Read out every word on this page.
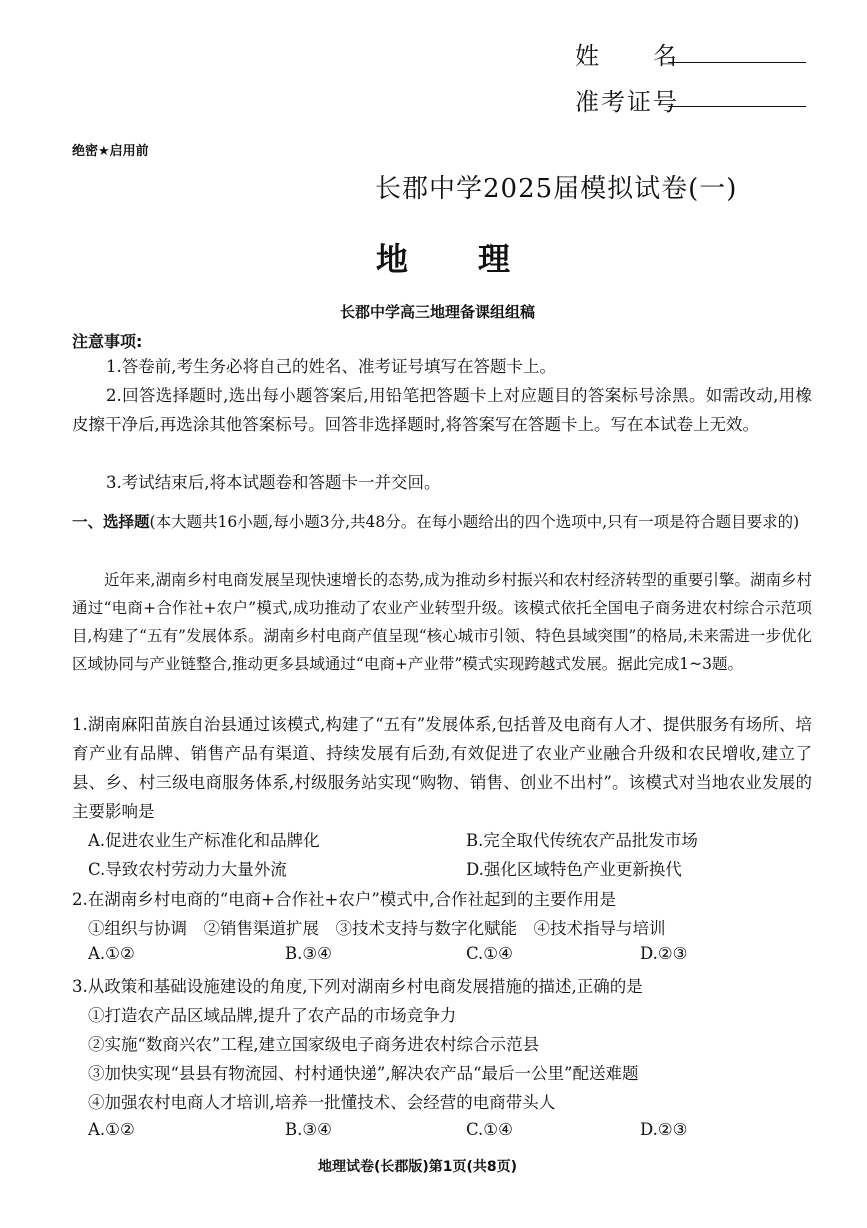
姓　　名
准考证号
绝密★启用前
长郡中学2025届模拟试卷(一)
地　　理
长郡中学高三地理备课组组稿
注意事项:
1.答卷前,考生务必将自己的姓名、准考证号填写在答题卡上。
2.回答选择题时,选出每小题答案后,用铅笔把答题卡上对应题目的答案标号涂黑。如需改动,用橡皮擦干净后,再选涂其他答案标号。回答非选择题时,将答案写在答题卡上。写在本试卷上无效。
3.考试结束后,将本试题卷和答题卡一并交回。
一、选择题(本大题共16小题,每小题3分,共48分。在每小题给出的四个选项中,只有一项是符合题目要求的)
近年来,湖南乡村电商发展呈现快速增长的态势,成为推动乡村振兴和农村经济转型的重要引擎。湖南乡村通过“电商+合作社+农户”模式,成功推动了农业产业转型升级。该模式依托全国电子商务进农村综合示范项目,构建了“五有”发展体系。湖南乡村电商产值呈现“核心城市引领、特色县域突围”的格局,未来需进一步优化区域协同与产业链整合,推动更多县域通过“电商+产业带”模式实现跨越式发展。据此完成1~3题。
1.湖南麻阳苗族自治县通过该模式,构建了“五有”发展体系,包括普及电商有人才、提供服务有场所、培育产业有品牌、销售产品有渠道、持续发展有后劲,有效促进了农业产业融合升级和农民增收,建立了县、乡、村三级电商服务体系,村级服务站实现“购物、销售、创业不出村”。该模式对当地农业发展的主要影响是
A.促进农业生产标准化和品牌化	B.完全取代传统农产品批发市场
C.导致农村劳动力大量外流	D.强化区域特色产业更新换代
2.在湖南乡村电商的“电商+合作社+农户”模式中,合作社起到的主要作用是
①组织与协调　②销售渠道扩展　③技术支持与数字化赋能　④技术指导与培训
A.①②	B.③④	C.①④	D.②③
3.从政策和基础设施建设的角度,下列对湖南乡村电商发展措施的描述,正确的是
①打造农产品区域品牌,提升了农产品的市场竞争力
②实施“数商兴农”工程,建立国家级电子商务进农村综合示范县
③加快实现“县县有物流园、村村通快递”,解决农产品“最后一公里”配送难题
④加强农村电商人才培训,培养一批懂技术、会经营的电商带头人
A.①②	B.③④	C.①④	D.②③
地理试卷(长郡版)第1页(共8页)
